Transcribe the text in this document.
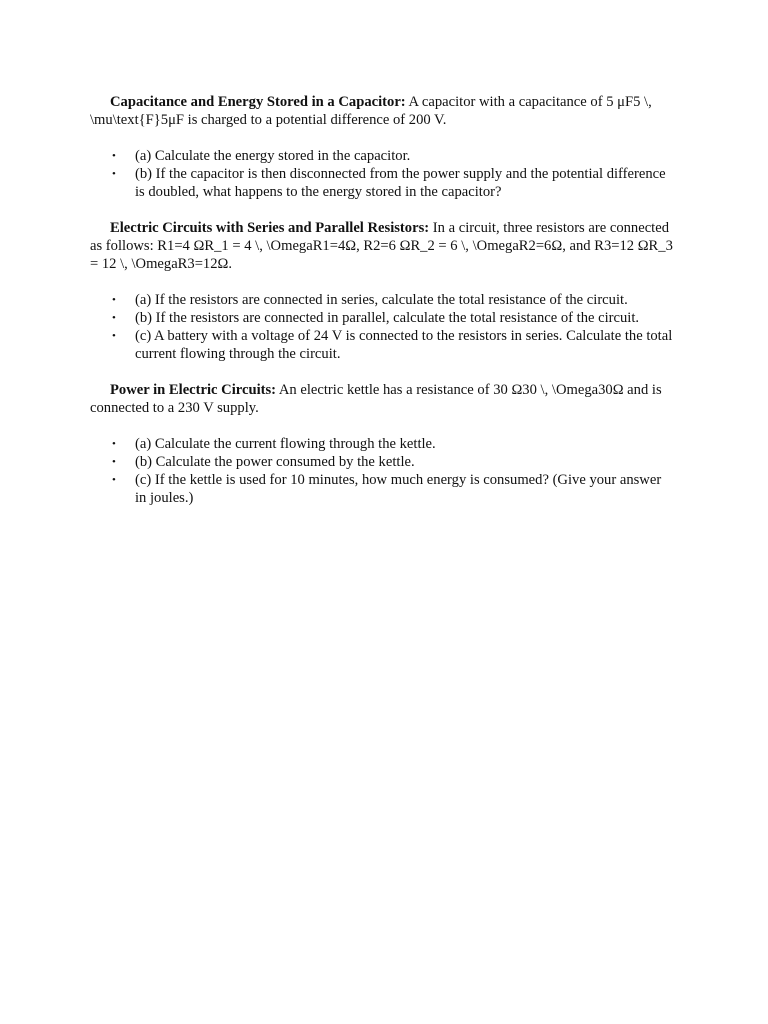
Capacitance and Energy Stored in a Capacitor: A capacitor with a capacitance of 5 μF5 \, \mu\text{F}5μF is charged to a potential difference of 200 V.

• (a) Calculate the energy stored in the capacitor.
• (b) If the capacitor is then disconnected from the power supply and the potential difference is doubled, what happens to the energy stored in the capacitor?

Electric Circuits with Series and Parallel Resistors: In a circuit, three resistors are connected as follows: R1=4 ΩR_1 = 4 \, \OmegaR1=4Ω, R2=6 ΩR_2 = 6 \, \OmegaR2=6Ω, and R3=12 ΩR_3 = 12 \, \OmegaR3=12Ω.

• (a) If the resistors are connected in series, calculate the total resistance of the circuit.
• (b) If the resistors are connected in parallel, calculate the total resistance of the circuit.
• (c) A battery with a voltage of 24 V is connected to the resistors in series. Calculate the total current flowing through the circuit.

Power in Electric Circuits: An electric kettle has a resistance of 30 Ω30 \, \Omega30Ω and is connected to a 230 V supply.

• (a) Calculate the current flowing through the kettle.
• (b) Calculate the power consumed by the kettle.
• (c) If the kettle is used for 10 minutes, how much energy is consumed? (Give your answer in joules.)
